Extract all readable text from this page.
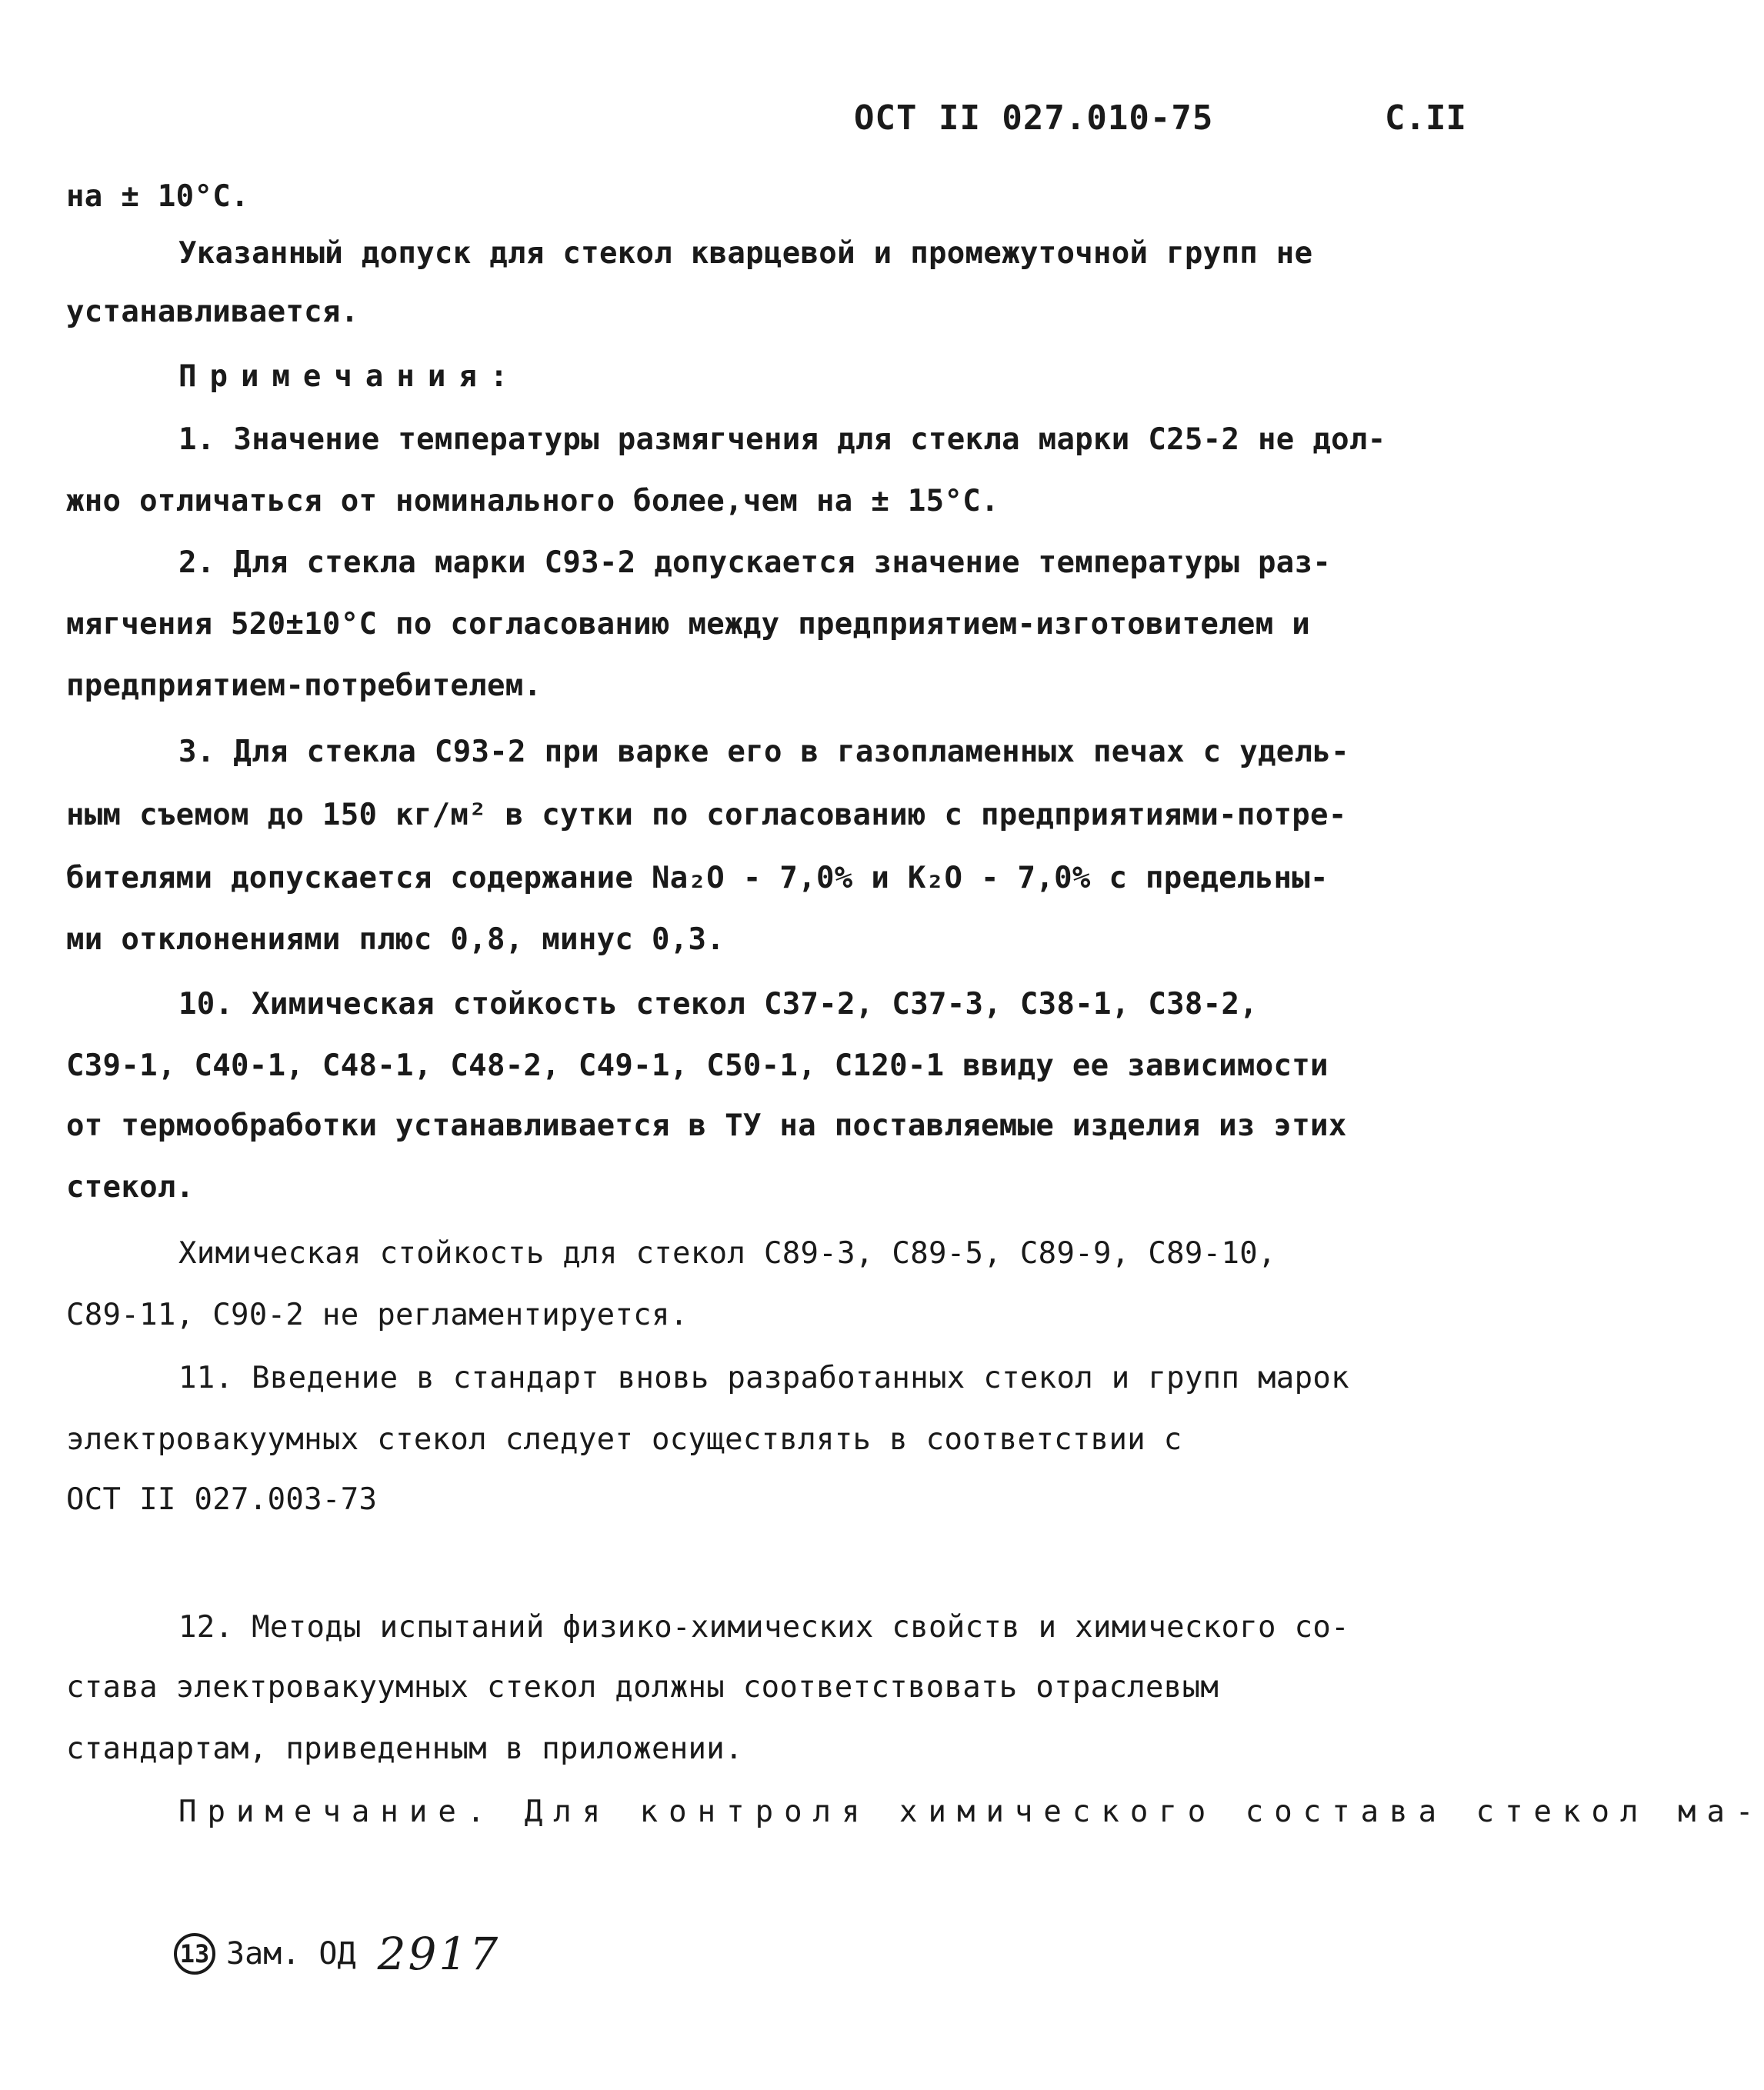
ОСТ II 027.010-75	С.II
на ± 10°С.
Указанный допуск для стекол кварцевой и промежуточной групп не
устанавливается.
Примечания:
1. Значение температуры размягчения для стекла марки С25-2 не дол-
жно отличаться от номинального более,чем на ± 15°С.
2. Для стекла марки С93-2 допускается значение температуры раз-
мягчения 520±10°С по согласованию между предприятием-изготовителем и
предприятием-потребителем.
3. Для стекла С93-2 при варке его в газопламенных печах с удель-
ным съемом до 150 кг/м² в сутки по согласованию с предприятиями-потре-
бителями допускается содержание Na₂O - 7,0% и K₂O - 7,0% с предельны-
ми отклонениями плюс 0,8, минус 0,3.
10. Химическая стойкость стекол С37-2, С37-3, С38-1, С38-2,
С39-1, С40-1, С48-1, С48-2, С49-1, С50-1, С120-1 ввиду ее зависимости
от термообработки устанавливается в ТУ на поставляемые изделия из этих
стекол.
Химическая стойкость для стекол С89-3, С89-5, С89-9, С89-10,
С89-11, С90-2 не регламентируется.
11. Введение в стандарт вновь разработанных стекол и групп марок
электровакуумных стекол следует осуществлять в соответствии с
ОСТ II 027.003-73
12. Методы испытаний физико-химических свойств и химического со-
става электровакуумных стекол должны соответствовать отраслевым
стандартам, приведенным в приложении.
Примечание. Для контроля химического состава стекол ма-
13 Зам. ОД 2917
